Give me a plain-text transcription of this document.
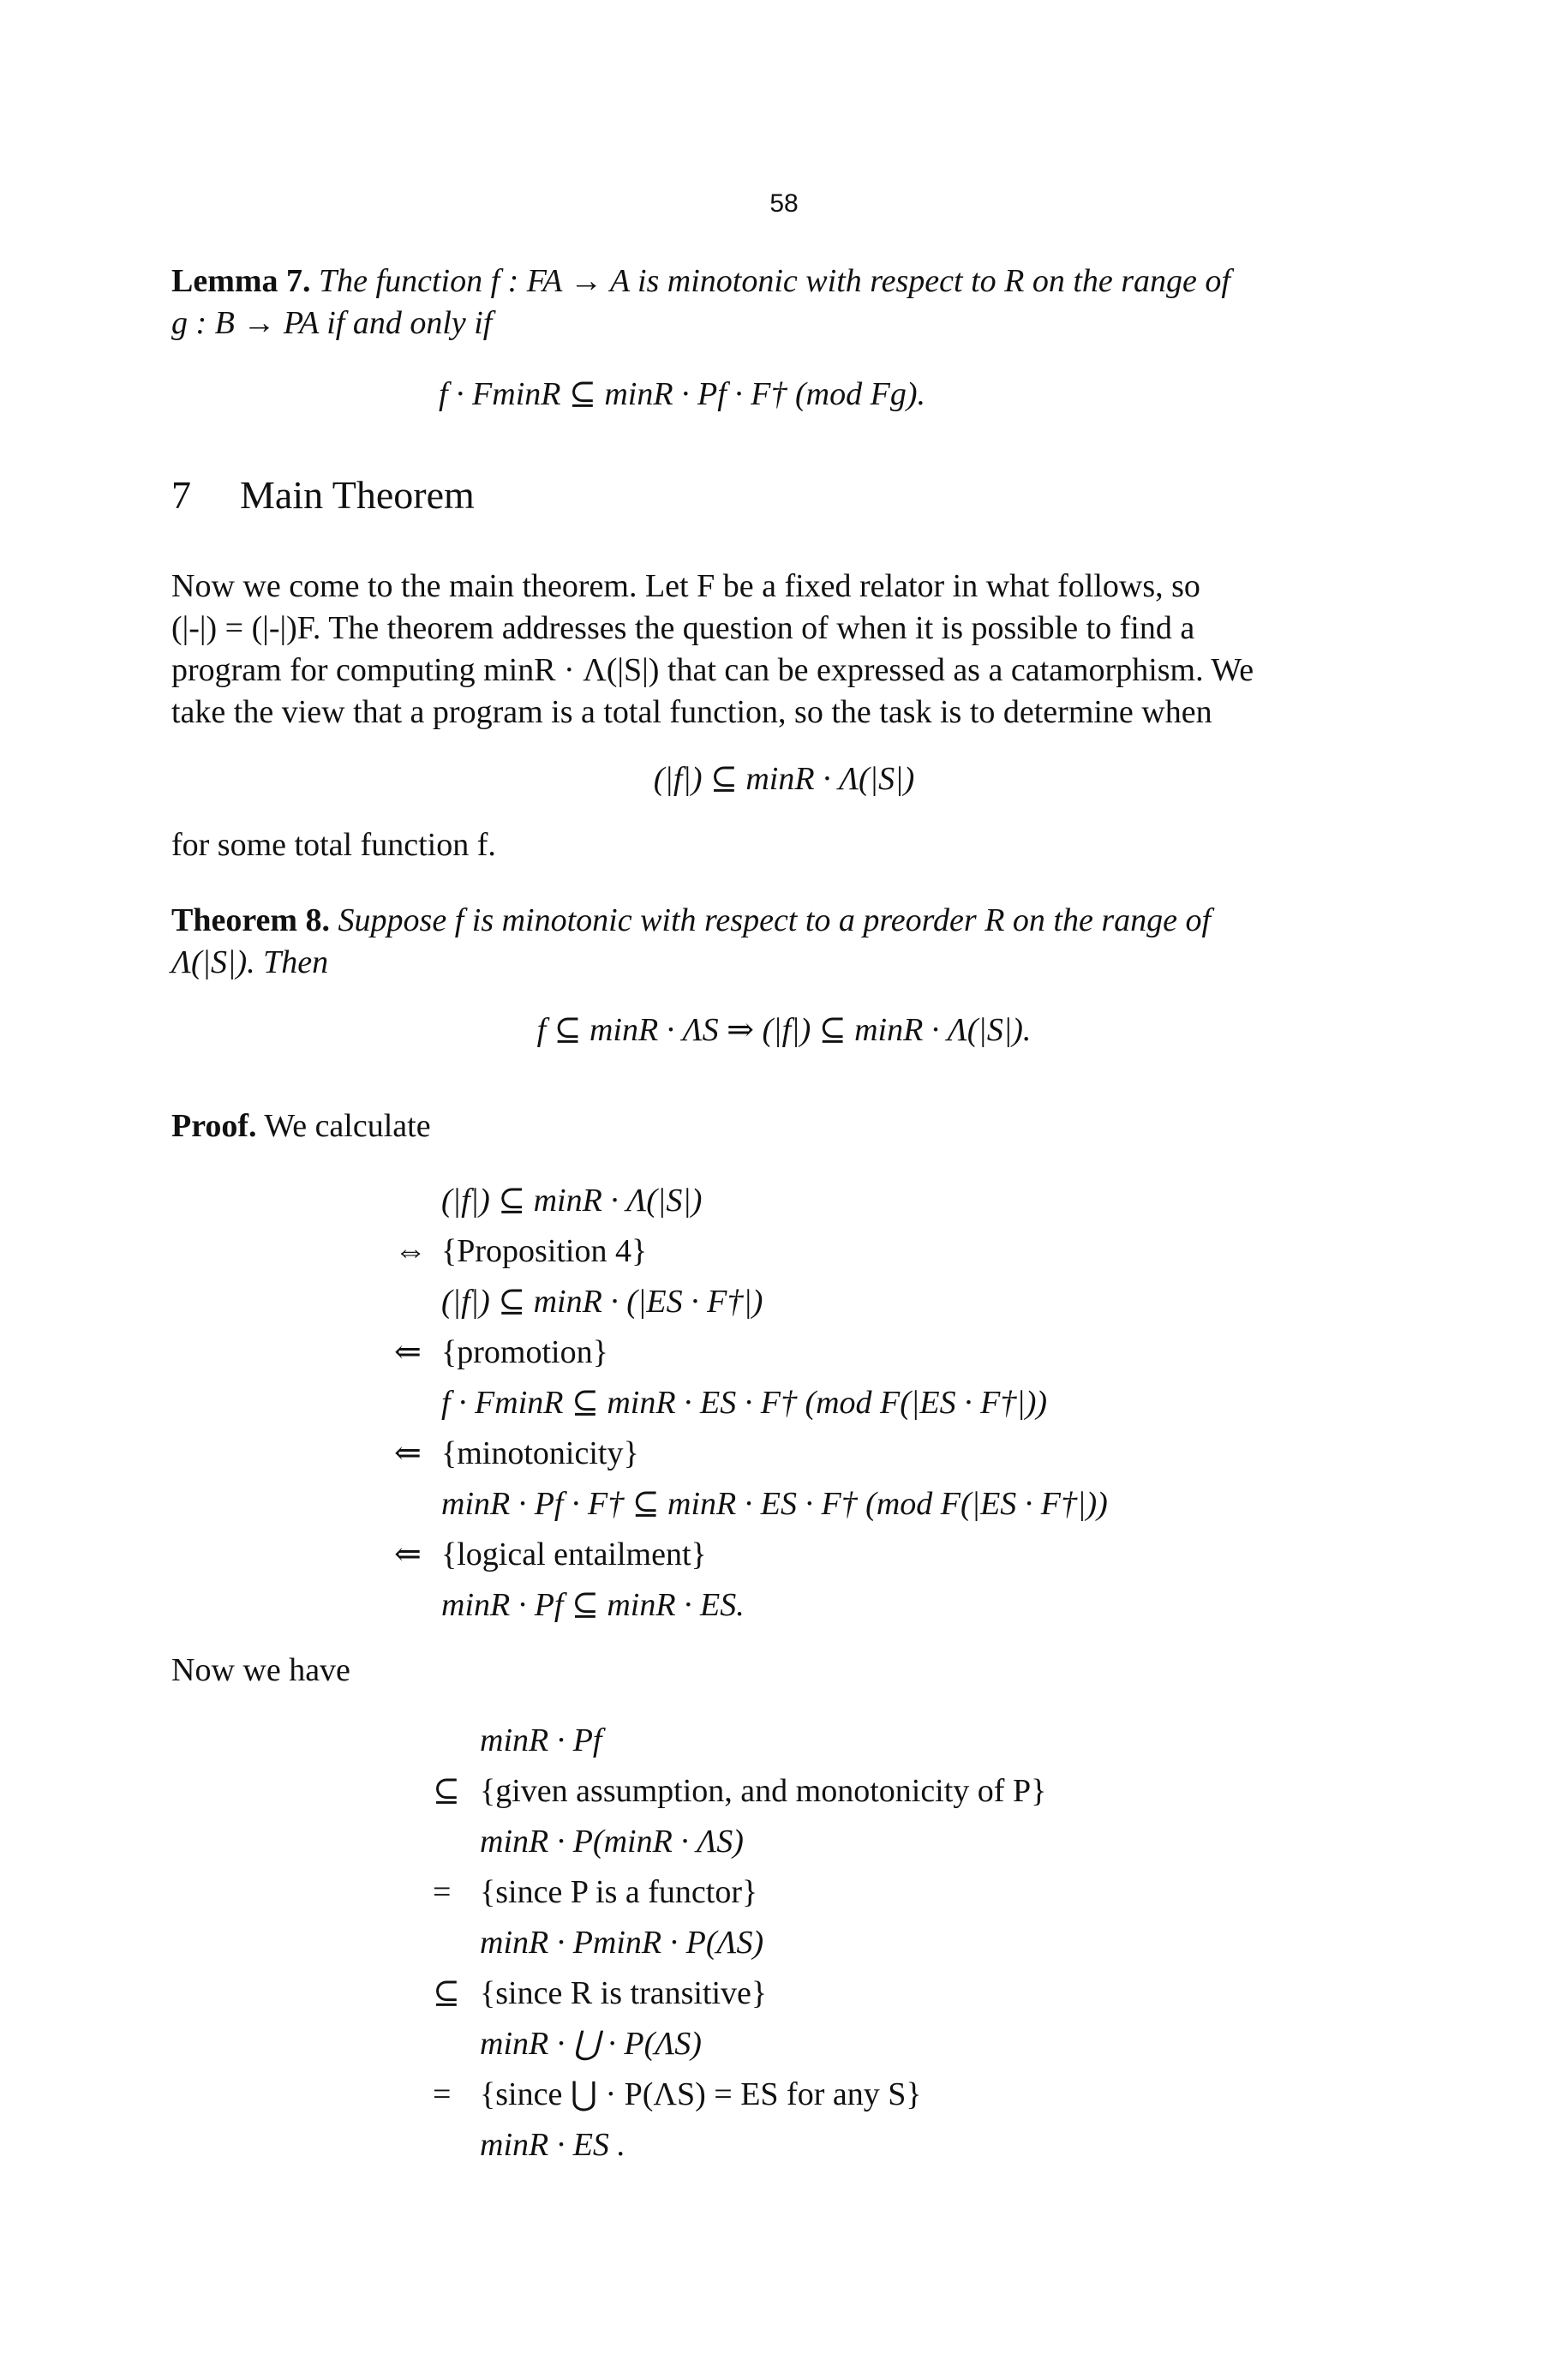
58
Lemma 7. The function f : FA → A is minotonic with respect to R on the range of
g : B → PA if and only if
f · FminR ⊆ minR · Pf · F† (mod Fg).
7 Main Theorem
Now we come to the main theorem. Let F be a fixed relator in what follows, so
(|-|) = (|-|)F. The theorem addresses the question of when it is possible to find a
program for computing minR · Λ(|S|) that can be expressed as a catamorphism. We
take the view that a program is a total function, so the task is to determine when
(|f|) ⊆ minR · Λ(|S|)
for some total function f.
Theorem 8. Suppose f is minotonic with respect to a preorder R on the range of
Λ(|S|). Then
f ⊆ minR · ΛS ⇒ (|f|) ⊆ minR · Λ(|S|).
Proof. We calculate
(|f|) ⊆ minR · Λ(|S|)
⇔ {Proposition 4}
(|f|) ⊆ minR · (|ES · F†|)
⇐ {promotion}
f · FminR ⊆ minR · ES · F† (mod F(|ES · F†|))
⇐ {minotonicity}
minR · Pf · F† ⊆ minR · ES · F† (mod F(|ES · F†|))
⇐ {logical entailment}
minR · Pf ⊆ minR · ES.
Now we have
minR · Pf
⊆ {given assumption, and monotonicity of P}
minR · P(minR · ΛS)
= {since P is a functor}
minR · PminR · P(ΛS)
⊆ {since R is transitive}
minR · ⋃ · P(ΛS)
= {since ⋃ · P(ΛS) = ES for any S}
minR · ES .
